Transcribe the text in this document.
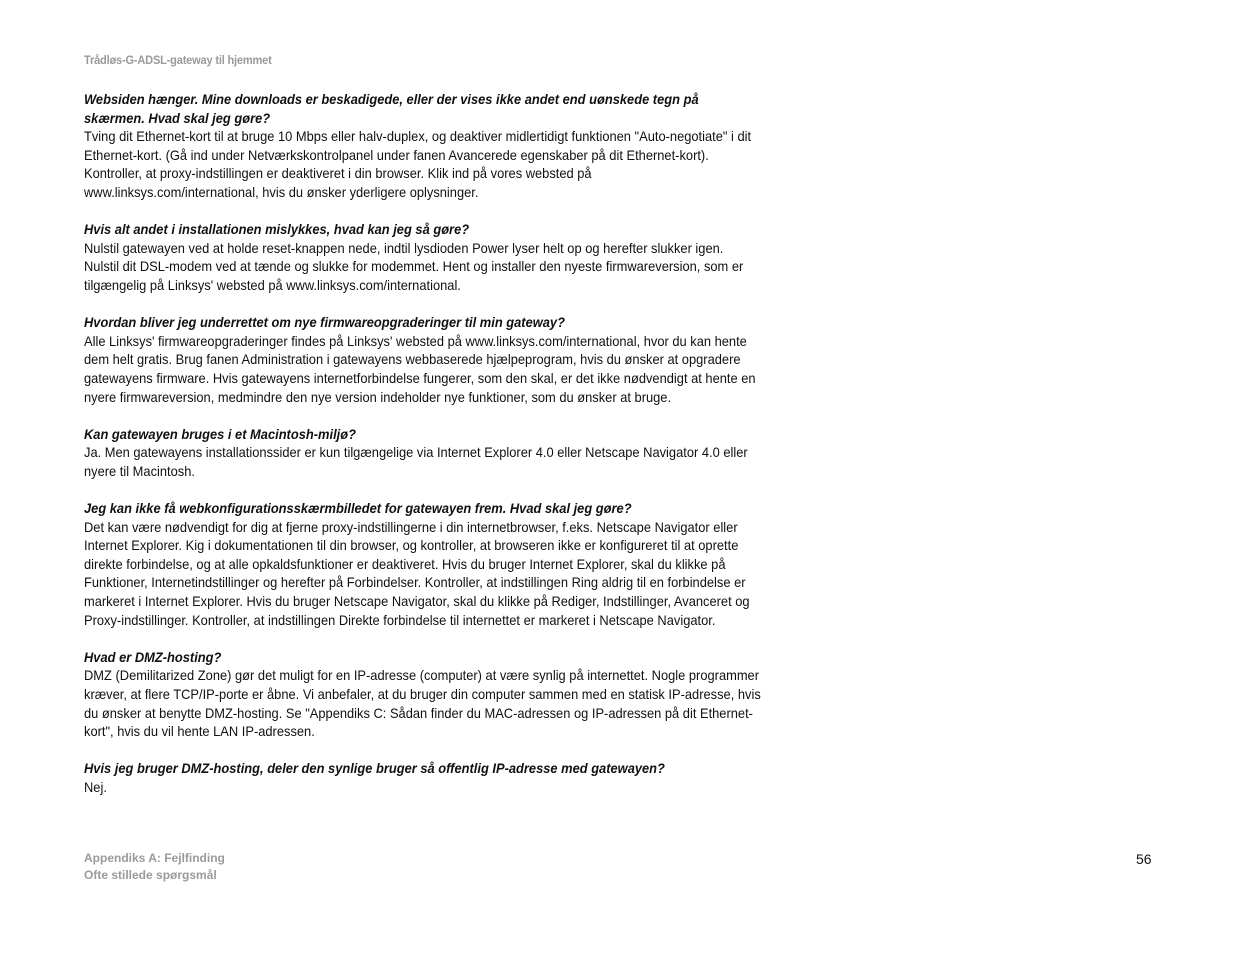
Trådløs-G-ADSL-gateway til hjemmet

Websiden hænger. Mine downloads er beskadigede, eller der vises ikke andet end uønskede tegn på skærmen. Hvad skal jeg gøre?

Tving dit Ethernet-kort til at bruge 10 Mbps eller halv-duplex, og deaktiver midlertidigt funktionen "Auto-negotiate" i dit Ethernet-kort. (Gå ind under Netværkskontrolpanel under fanen Avancerede egenskaber på dit Ethernet-kort). Kontroller, at proxy-indstillingen er deaktiveret i din browser. Klik ind på vores websted på www.linksys.com/international, hvis du ønsker yderligere oplysninger.

Hvis alt andet i installationen mislykkes, hvad kan jeg så gøre?

Nulstil gatewayen ved at holde reset-knappen nede, indtil lysdioden Power lyser helt op og herefter slukker igen. Nulstil dit DSL-modem ved at tænde og slukke for modemmet. Hent og installer den nyeste firmwareversion, som er tilgængelig på Linksys' websted på www.linksys.com/international.

Hvordan bliver jeg underrettet om nye firmwareopgraderinger til min gateway?

Alle Linksys' firmwareopgraderinger findes på Linksys' websted på www.linksys.com/international, hvor du kan hente dem helt gratis. Brug fanen Administration i gatewayens webbaserede hjælpeprogram, hvis du ønsker at opgradere gatewayens firmware. Hvis gatewayens internetforbindelse fungerer, som den skal, er det ikke nødvendigt at hente en nyere firmwareversion, medmindre den nye version indeholder nye funktioner, som du ønsker at bruge.

Kan gatewayen bruges i et Macintosh-miljø?

Ja. Men gatewayens installationssider er kun tilgængelige via Internet Explorer 4.0 eller Netscape Navigator 4.0 eller nyere til Macintosh.

Jeg kan ikke få webkonfigurationsskærmbilledet for gatewayen frem. Hvad skal jeg gøre?

Det kan være nødvendigt for dig at fjerne proxy-indstillingerne i din internetbrowser, f.eks. Netscape Navigator eller Internet Explorer. Kig i dokumentationen til din browser, og kontroller, at browseren ikke er konfigureret til at oprette direkte forbindelse, og at alle opkaldsfunktioner er deaktiveret. Hvis du bruger Internet Explorer, skal du klikke på Funktioner, Internetindstillinger og herefter på Forbindelser. Kontroller, at indstillingen Ring aldrig til en forbindelse er markeret i Internet Explorer. Hvis du bruger Netscape Navigator, skal du klikke på Rediger, Indstillinger, Avanceret og Proxy-indstillinger. Kontroller, at indstillingen Direkte forbindelse til internettet er markeret i Netscape Navigator.

Hvad er DMZ-hosting?

DMZ (Demilitarized Zone) gør det muligt for en IP-adresse (computer) at være synlig på internettet. Nogle programmer kræver, at flere TCP/IP-porte er åbne. Vi anbefaler, at du bruger din computer sammen med en statisk IP-adresse, hvis du ønsker at benytte DMZ-hosting. Se "Appendiks C: Sådan finder du MAC-adressen og IP-adressen på dit Ethernet-kort", hvis du vil hente LAN IP-adressen.

Hvis jeg bruger DMZ-hosting, deler den synlige bruger så offentlig IP-adresse med gatewayen?

Nej.

Appendiks A: Fejlfinding
Ofte stillede spørgsmål
56
